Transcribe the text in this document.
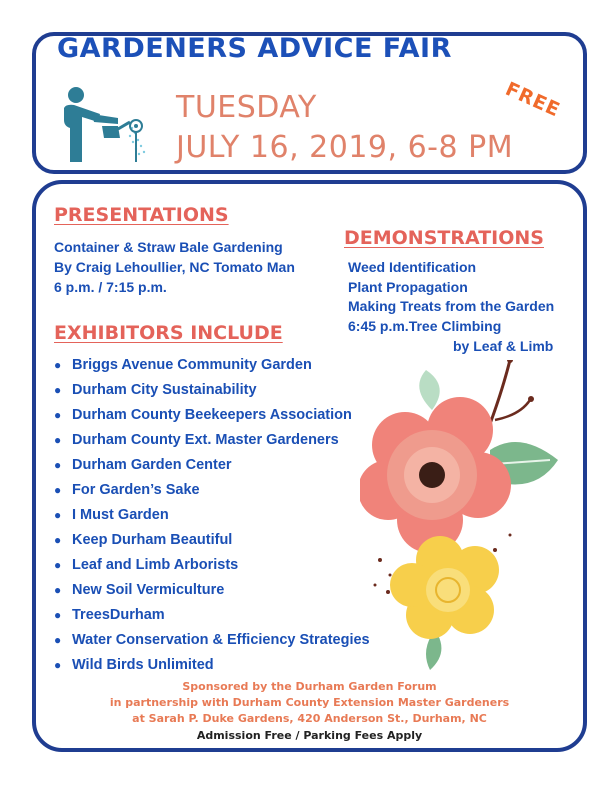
GARDENERS ADVICE FAIR
FREE
TUESDAY
JULY 16, 2019, 6-8 PM
PRESENTATIONS
Container & Straw Bale Gardening
By Craig Lehoullier, NC Tomato Man
6 p.m. / 7:15 p.m.
DEMONSTRATIONS
Weed Identification
Plant Propagation
Making Treats from the Garden
6:45 p.m.Tree Climbing
by Leaf & Limb
EXHIBITORS INCLUDE
● Briggs Avenue Community Garden
● Durham City Sustainability
● Durham County Beekeepers Association
● Durham County Ext. Master Gardeners
● Durham Garden Center
● For Garden’s Sake
● I Must Garden
● Keep Durham Beautiful
● Leaf and Limb Arborists
● New Soil Vermiculture
● TreesDurham
● Water Conservation & Efficiency Strategies
● Wild Birds Unlimited
Sponsored by the Durham Garden Forum
in partnership with Durham County Extension Master Gardeners
at Sarah P. Duke Gardens, 420 Anderson St., Durham, NC
Admission Free / Parking Fees Apply
